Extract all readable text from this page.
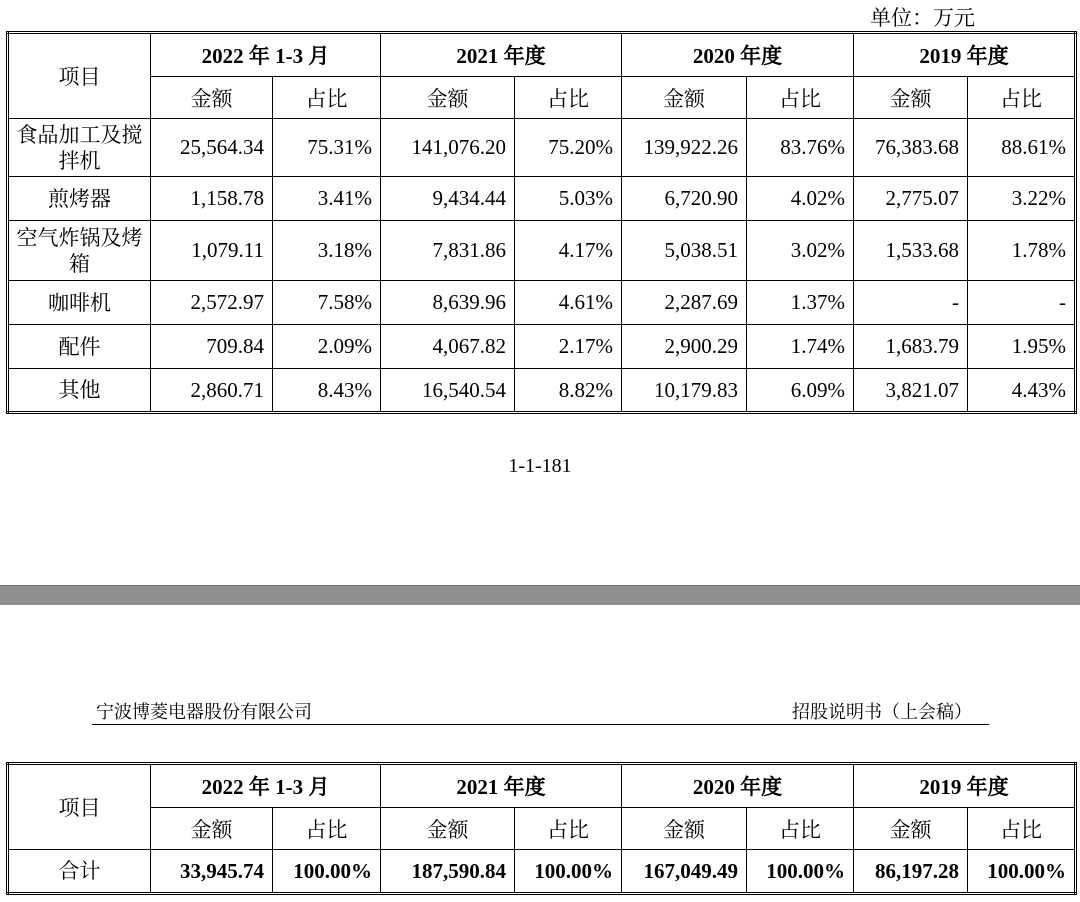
单位：万元
项目	2022 年 1-3 月		2021 年度		2020 年度		2019 年度	
	金额	占比	金额	占比	金额	占比	金额	占比
食品加工及搅拌机	25,564.34	75.31%	141,076.20	75.20%	139,922.26	83.76%	76,383.68	88.61%
煎烤器	1,158.78	3.41%	9,434.44	5.03%	6,720.90	4.02%	2,775.07	3.22%
空气炸锅及烤箱	1,079.11	3.18%	7,831.86	4.17%	5,038.51	3.02%	1,533.68	1.78%
咖啡机	2,572.97	7.58%	8,639.96	4.61%	2,287.69	1.37%	-	-
配件	709.84	2.09%	4,067.82	2.17%	2,900.29	1.74%	1,683.79	1.95%
其他	2,860.71	8.43%	16,540.54	8.82%	10,179.83	6.09%	3,821.07	4.43%
1-1-181
宁波博菱电器股份有限公司	招股说明书（上会稿）
项目	2022 年 1-3 月		2021 年度		2020 年度		2019 年度	
	金额	占比	金额	占比	金额	占比	金额	占比
合计	33,945.74	100.00%	187,590.84	100.00%	167,049.49	100.00%	86,197.28	100.00%
